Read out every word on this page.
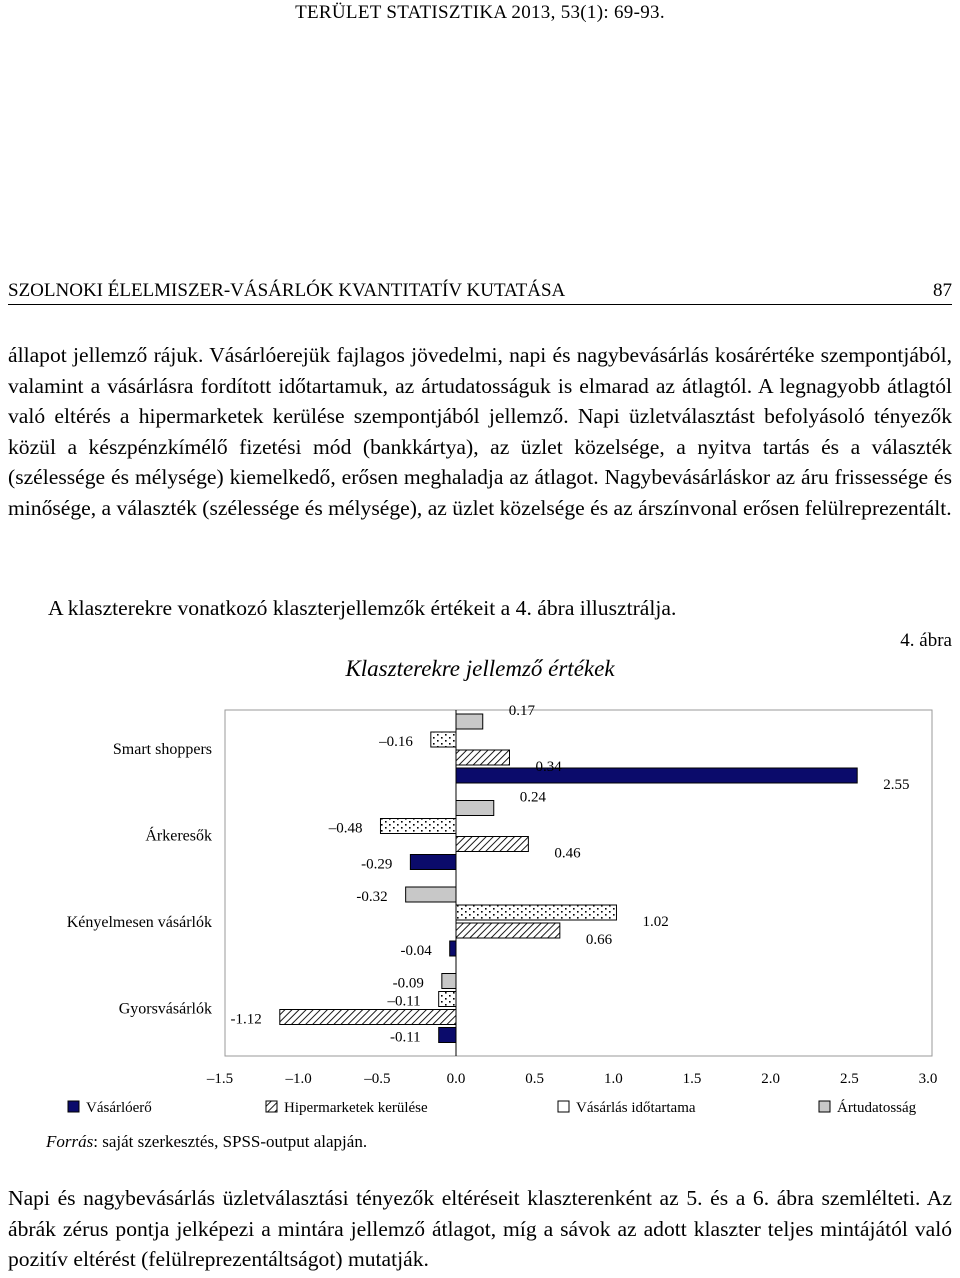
TERÜLET STATISZTIKA 2013, 53(1): 69-93.
SZOLNOKI ÉLELMISZER-VÁSÁRLÓK KVANTITATÍV KUTATÁSA	87

állapot jellemző rájuk. Vásárlóerejük fajlagos jövedelmi, napi és nagybevásárlás kosárértéke szempontjából, valamint a vásárlásra fordított időtartamuk, az ártudatosságuk is elmarad az átlagtól. A legnagyobb átlagtól való eltérés a hipermarketek kerülése szempontjából jellemző. Napi üzletválasztást befolyásoló tényezők közül a készpénzkímélő fizetési mód (bankkártya), az üzlet közelsége, a nyitva tartás és a választék (szélessége és mélysége) kiemelkedő, erősen meghaladja az átlagot. Nagybevásárláskor az áru frissessége és minősége, a választék (szélessége és mélysége), az üzlet közelsége és az árszínvonal erősen felülreprezentált.

A klaszterekre vonatkozó klaszterjellemzők értékeit a 4. ábra illusztrálja.

4. ábra
Klaszterekre jellemző értékek
Smart shoppers
Árkeresők
Kényelmesen vásárlók
Gyorsvásárlók
0.17
–0.16
0.34
2.55
0.24
–0.48
0.46
-0.29
-0.32
1.02
0.66
-0.04
-0.09
–0.11
-1.12
-0.11
–1.5	–1.0	–0.5	0.0	0.5	1.0	1.5	2.0	2.5	3.0
Vásárlóerő	Hipermarketek kerülése	Vásárlás időtartama	Ártudatosság
Forrás: saját szerkesztés, SPSS-output alapján.

Napi és nagybevásárlás üzletválasztási tényezők eltéréseit klaszterenként az 5. és a 6. ábra szemlélteti. Az ábrák zérus pontja jelképezi a mintára jellemző átlagot, míg a sávok az adott klaszter teljes mintájától való pozitív eltérést (felülreprezentáltságot) mutatják.
